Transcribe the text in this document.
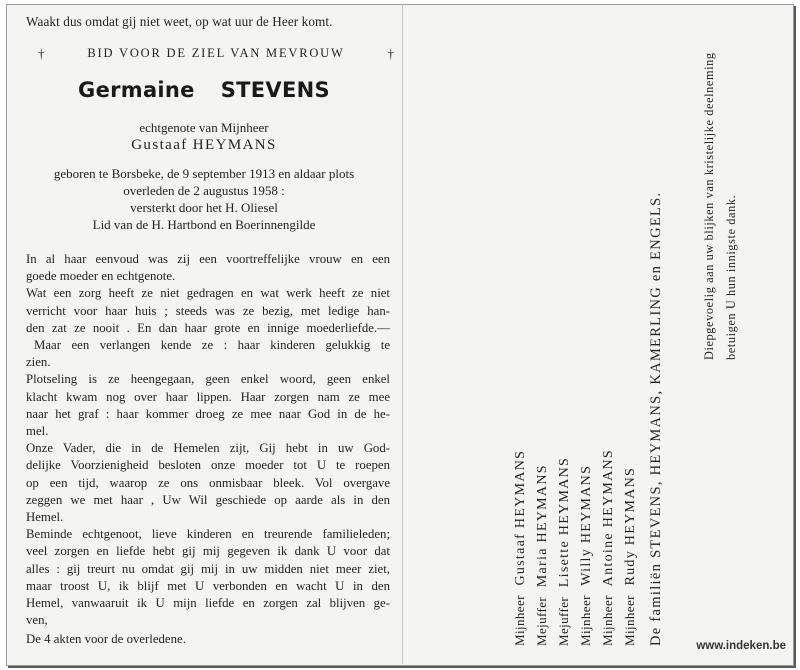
Waakt dus omdat gij niet weet, op wat uur de Heer komt.
†	BID VOOR DE ZIEL VAN MEVROUW	†
Germaine STEVENS
echtgenote van Mijnheer
Gustaaf HEYMANS
geboren te Borsbeke, de 9 september 1913 en aldaar plots
overleden de 2 augustus 1958 :
versterkt door het H. Oliesel
Lid van de H. Hartbond en Boerinnengilde
In al haar eenvoud was zij een voortreffelijke vrouw en een
goede moeder en echtgenote.
Wat een zorg heeft ze niet gedragen en wat werk heeft ze niet
verricht voor haar huis ; steeds was ze bezig, met ledige han-
den zat ze nooit . En dan haar grote en innige moederliefde.—
Maar een verlangen kende ze : haar kinderen gelukkig te
zien.
Plotseling is ze heengegaan, geen enkel woord, geen enkel
klacht kwam nog over haar lippen. Haar zorgen nam ze mee
naar het graf : haar kommer droeg ze mee naar God in de he-
mel.
Onze Vader, die in de Hemelen zijt, Gij hebt in uw God-
delijke Voorzienigheid besloten onze moeder tot U te roepen
op een tijd, waarop ze ons onmisbaar bleek. Vol overgave
zeggen we met haar , Uw Wil geschiede op aarde als in den
Hemel.
Beminde echtgenoot, lieve kinderen en treurende familieleden;
veel zorgen en liefde hebt gij mij gegeven ik dank U voor dat
alles : gij treurt nu omdat gij mij in uw midden niet meer ziet,
maar troost U, ik blijf met U verbonden en wacht U in den
Hemel, vanwaaruit ik U mijn liefde en zorgen zal blijven ge-
ven,
De 4 akten voor de overledene.	Mijnheer  Gustaaf HEYMANS
Mejuffer  Maria HEYMANS
Mejuffer  Lisette HEYMANS
Mijnheer  Willy HEYMANS
Mijnheer  Antoine HEYMANS
Mijnheer  Rudy HEYMANS De familiën STEVENS, HEYMANS, KAMERLING en ENGELS.	Diepgevoelig aan uw blijken van kristelijke deelneming betuigen U hun innigste dank.
www.indeken.be
